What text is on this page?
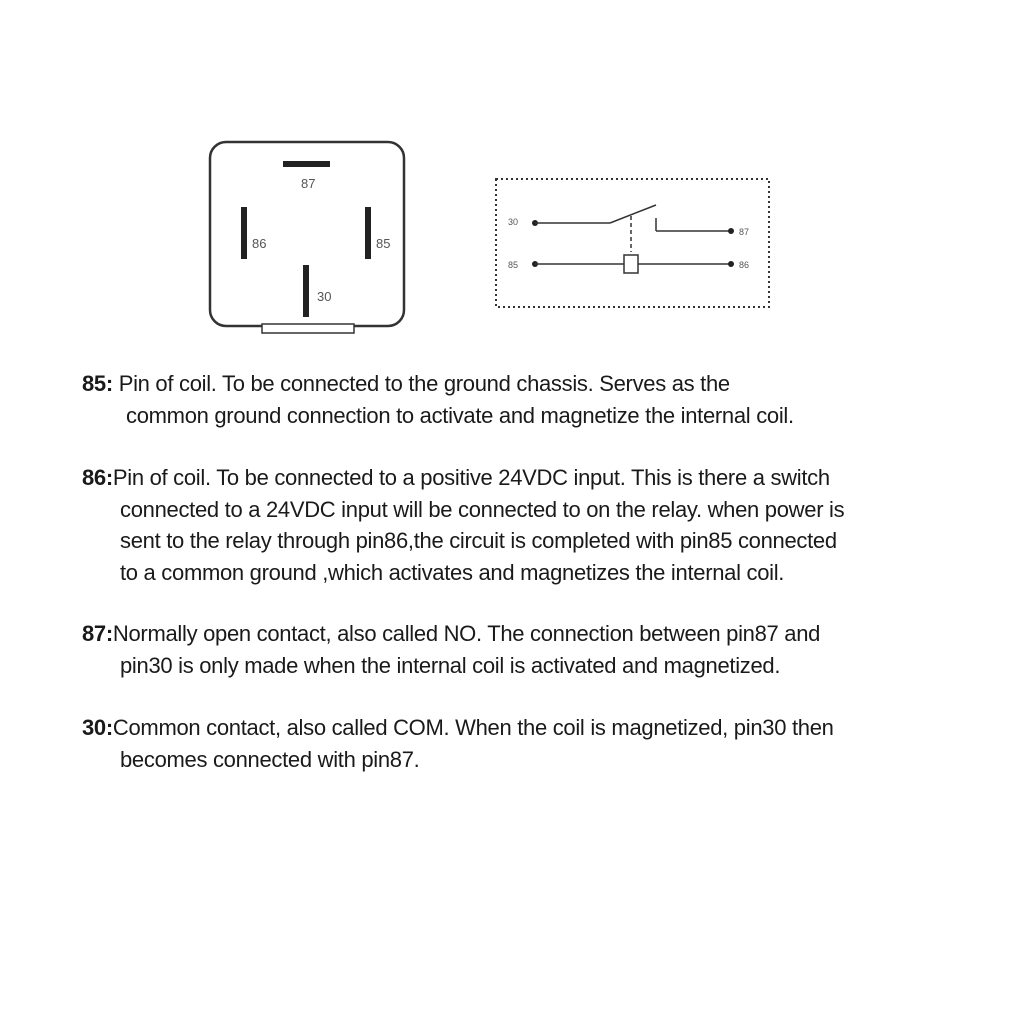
87
86	85
30
30
87
85	86
85: Pin of coil. To be connected to the ground chassis. Serves as the
common ground connection to activate and magnetize the internal coil.
86:Pin of coil. To be connected to a positive 24VDC input. This is there a switch
connected to a 24VDC input will be connected to on the relay. when power is
sent to the relay through pin86,the circuit is completed with pin85 connected
to a common ground ,which activates and magnetizes the internal coil.
87:Normally open contact, also called NO. The connection between pin87 and
pin30 is only made when the internal coil is activated and magnetized.
30:Common contact, also called COM. When the coil is magnetized, pin30 then
becomes connected with pin87.
